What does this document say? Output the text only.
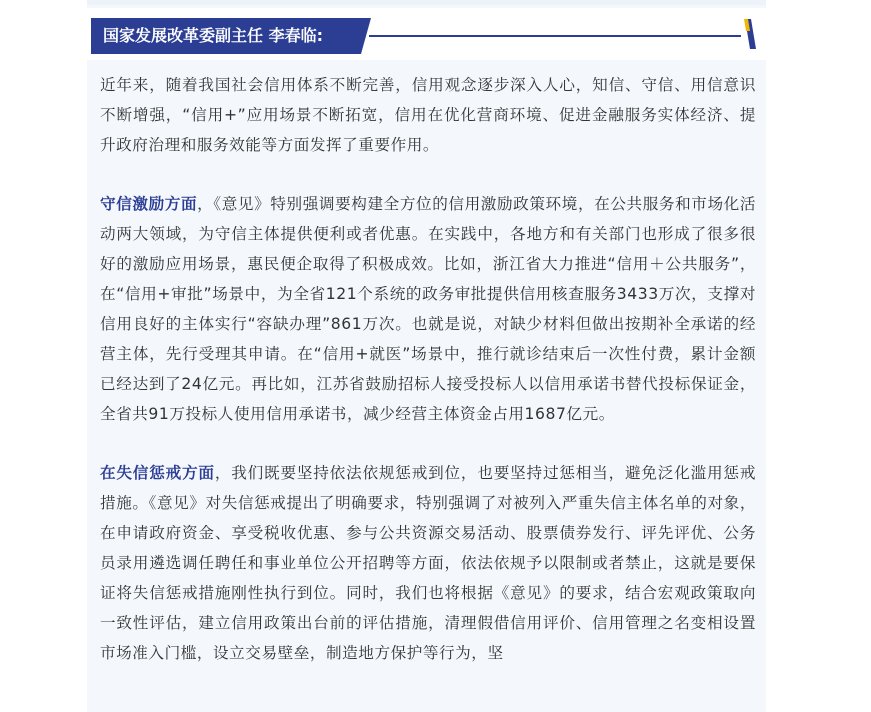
国家发展改革委副主任 李春临:

近年来，随着我国社会信用体系不断完善，信用观念逐步深入人心，知信、守信、用信意识不断增强，“信用+”应用场景不断拓宽，信用在优化营商环境、促进金融服务实体经济、提升政府治理和服务效能等方面发挥了重要作用。

守信激励方面，《意见》特别强调要构建全方位的信用激励政策环境，在公共服务和市场化活动两大领域，为守信主体提供便利或者优惠。在实践中，各地方和有关部门也形成了很多很好的激励应用场景，惠民便企取得了积极成效。比如，浙江省大力推进“信用＋公共服务”，在“信用+审批”场景中，为全省121个系统的政务审批提供信用核查服务3433万次，支撑对信用良好的主体实行“容缺办理”861万次。也就是说，对缺少材料但做出按期补全承诺的经营主体，先行受理其申请。在“信用+就医”场景中，推行就诊结束后一次性付费，累计金额已经达到了24亿元。再比如，江苏省鼓励招标人接受投标人以信用承诺书替代投标保证金，全省共91万投标人使用信用承诺书，减少经营主体资金占用1687亿元。

在失信惩戒方面，我们既要坚持依法依规惩戒到位，也要坚持过惩相当，避免泛化滥用惩戒措施。《意见》对失信惩戒提出了明确要求，特别强调了对被列入严重失信主体名单的对象，在申请政府资金、享受税收优惠、参与公共资源交易活动、股票债券发行、评先评优、公务员录用遴选调任聘任和事业单位公开招聘等方面，依法依规予以限制或者禁止，这就是要保证将失信惩戒措施刚性执行到位。同时，我们也将根据《意见》的要求，结合宏观政策取向一致性评估，建立信用政策出台前的评估措施，清理假借信用评价、信用管理之名变相设置市场准入门槛，设立交易壁垒，制造地方保护等行为，坚
